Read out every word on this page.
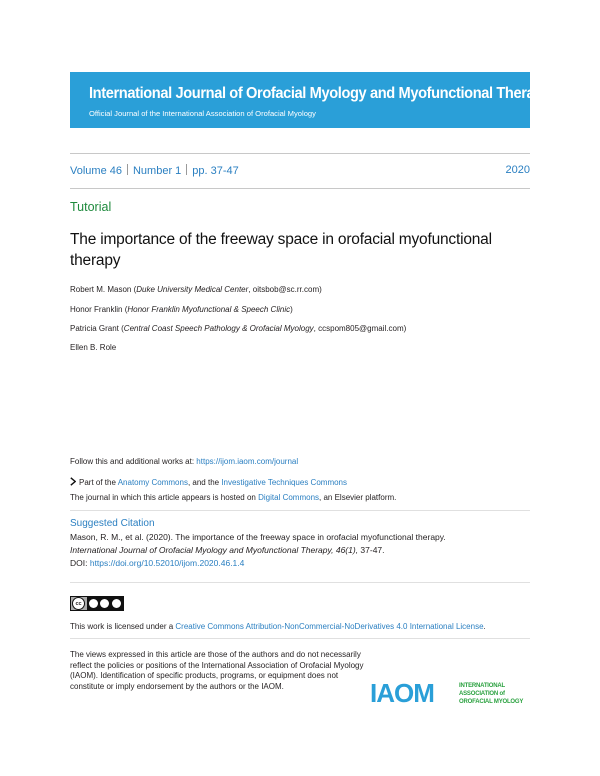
International Journal of Orofacial Myology and Myofunctional Therapy
Official Journal of the International Association of Orofacial Myology
Volume 46 Number 1 pp. 37-47	2020
Tutorial
The importance of the freeway space in orofacial myofunctional therapy
Robert M. Mason (Duke University Medical Center, oitsbob@sc.rr.com)
Honor Franklin (Honor Franklin Myofunctional & Speech Clinic)
Patricia Grant (Central Coast Speech Pathology & Orofacial Myology, ccspom805@gmail.com)
Ellen B. Role
Follow this and additional works at: https://ijom.iaom.com/journal
Part of the Anatomy Commons, and the Investigative Techniques Commons
The journal in which this article appears is hosted on Digital Commons, an Elsevier platform.
Suggested Citation
Mason, R. M., et al. (2020). The importance of the freeway space in orofacial myofunctional therapy.
International Journal of Orofacial Myology and Myofunctional Therapy, 46(1), 37-47.
DOI: https://doi.org/10.52010/ijom.2020.46.1.4
cc
This work is licensed under a Creative Commons Attribution-NonCommercial-NoDerivatives 4.0 International License.
The views expressed in this article are those of the authors and do not necessarily reflect the policies or positions of the International Association of Orofacial Myology (IAOM). Identification of specific products, programs, or equipment does not constitute or imply endorsement by the authors or the IAOM.	IAOM	INTERNATIONAL
ASSOCIATION of
OROFACIAL MYOLOGY
